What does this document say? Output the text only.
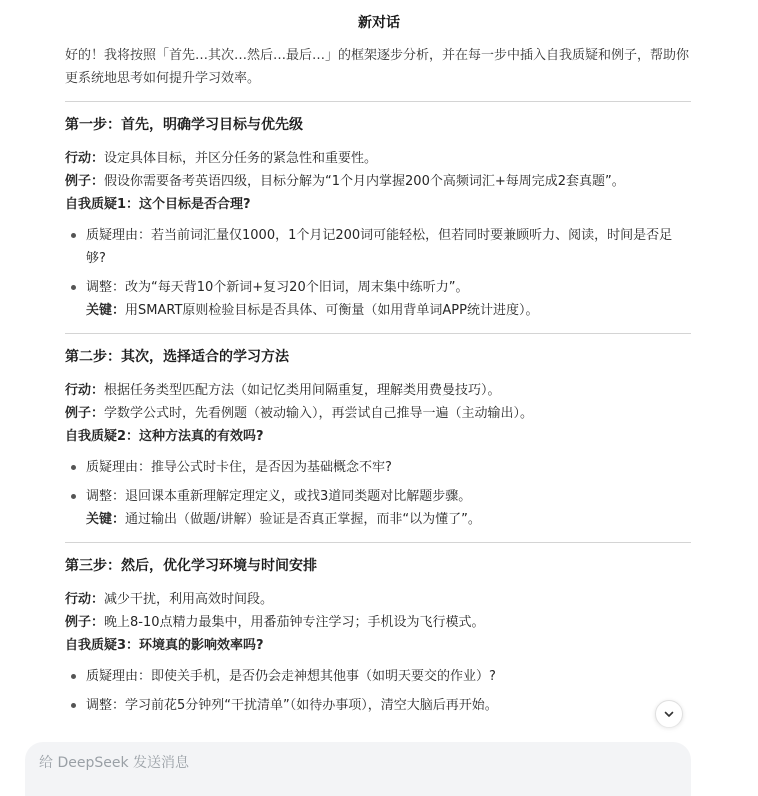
新对话

好的！我将按照「首先…其次…然后…最后…」的框架逐步分析，并在每一步中插入自我质疑和例子，帮助你更系统地思考如何提升学习效率。

第一步：首先，明确学习目标与优先级

行动：设定具体目标，并区分任务的紧急性和重要性。

例子：假设你需要备考英语四级，目标分解为“1个月内掌握200个高频词汇+每周完成2套真题”。

自我质疑1：这个目标是否合理?

质疑理由：若当前词汇量仅1000，1个月记200词可能轻松，但若同时要兼顾听力、阅读，时间是否足够?
调整：改为“每天背10个新词+复习20个旧词，周末集中练听力”。
关键：用SMART原则检验目标是否具体、可衡量（如用背单词APP统计进度）。
第二步：其次，选择适合的学习方法

行动：根据任务类型匹配方法（如记忆类用间隔重复，理解类用费曼技巧）。

例子：学数学公式时，先看例题（被动输入），再尝试自己推导一遍（主动输出）。

自我质疑2：这种方法真的有效吗?

质疑理由：推导公式时卡住，是否因为基础概念不牢?
调整：退回课本重新理解定理定义，或找3道同类题对比解题步骤。
关键：通过输出（做题/讲解）验证是否真正掌握，而非“以为懂了”。
第三步：然后，优化学习环境与时间安排

行动：减少干扰，利用高效时间段。

例子：晚上8-10点精力最集中，用番茄钟专注学习；手机设为飞行模式。

自我质疑3：环境真的影响效率吗?

质疑理由：即使关手机，是否仍会走神想其他事（如明天要交的作业）?
调整：学习前花5分钟列“干扰清单”（如待办事项），清空大脑后再开始。
给 DeepSeek 发送消息
